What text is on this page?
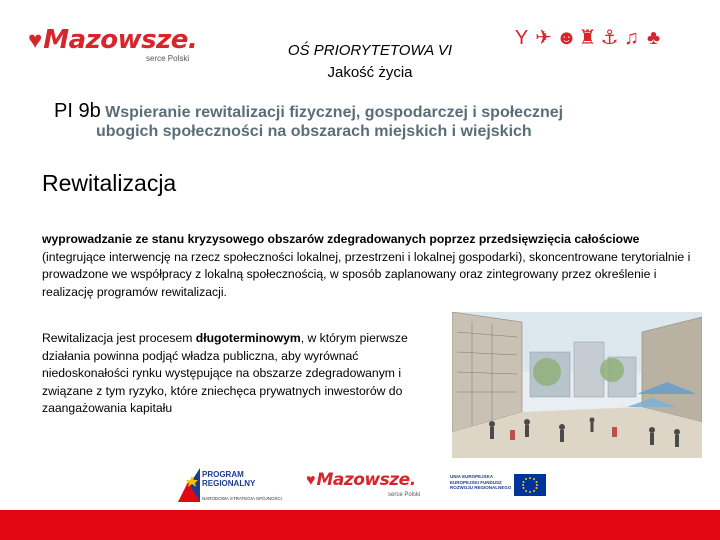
♥Mazowsze.
serce Polski	OŚ PRIORYTETOWA VI
Jakość życia
Y ✈ ☻ ♜ ⚓ ♫ ♣
PI 9b Wspieranie rewitalizacji fizycznej, gospodarczej i społecznej
ubogich społeczności na obszarach miejskich i wiejskich
Rewitalizacja
wyprowadzanie ze stanu kryzysowego obszarów zdegradowanych poprzez przedsięwzięcia całościowe (integrujące interwencję na rzecz społeczności lokalnej, przestrzeni i lokalnej gospodarki), skoncentrowane terytorialnie i prowadzone we współpracy z lokalną społecznością, w sposób zaplanowany oraz zintegrowany przez określenie i realizację programów rewitalizacji.
Rewitalizacja jest procesem długoterminowym, w którym pierwsze działania powinna podjąć władza publiczna, aby wyrównać niedoskonałości rynku występujące na obszarze zdegradowanym i związane z tym ryzyko, które zniechęca prywatnych inwestorów do zaangażowania kapitału
PROGRAM
REGIONALNY
NARODOWA STRATEGIA SPÓJNOŚCI
♥Mazowsze.
serce Polski
UNIA EUROPEJSKA EUROPEJSKI FUNDUSZ ROZWOJU REGIONALNEGO
